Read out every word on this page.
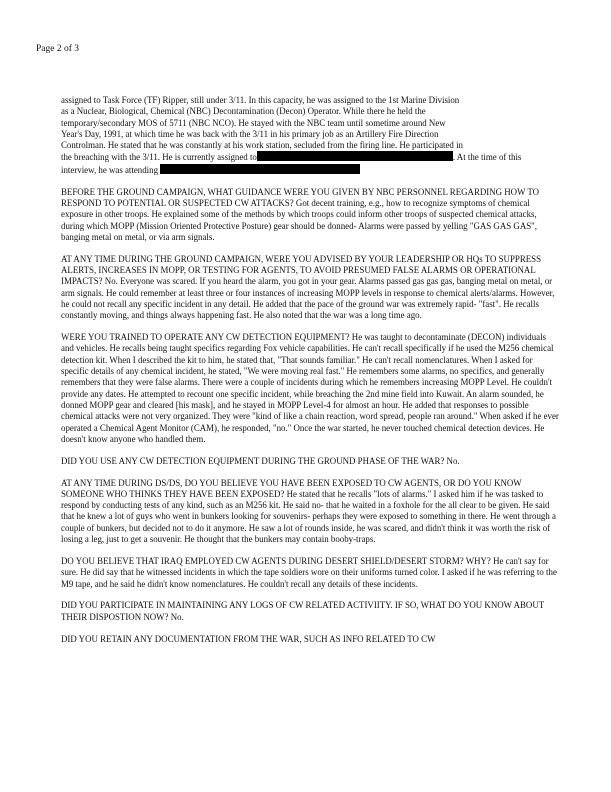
Page 2 of 3
assigned to Task Force (TF) Ripper, still under 3/11. In this capacity, he was assigned to the 1st Marine Division
as a Nuclear, Biological, Chemical (NBC) Decontamination (Decon) Operator. While there he held the
temporary/secondary MOS of 5711 (NBC NCO). He stayed with the NBC team until sometime around New
Year's Day, 1991, at which time he was back with the 3/11 in his primary job as an Artillery Fire Direction
Controlman. He stated that he was constantly at his work station, secluded from the firing line. He participated in
the breaching with the 3/11. He is currently assigned to	. At the time of this
interview, he was attending

BEFORE THE GROUND CAMPAIGN, WHAT GUIDANCE WERE YOU GIVEN BY NBC PERSONNEL REGARDING HOW TO RESPOND TO POTENTIAL OR SUSPECTED CW ATTACKS? Got decent training, e.g., how to recognize symptoms of chemical exposure in other troops. He explained some of the methods by which troops could inform other troops of suspected chemical attacks, during which MOPP (Mission Oriented Protective Posture) gear should be donned- Alarms were passed by yelling "GAS GAS GAS", banging metal on metal, or via arm signals.

AT ANY TIME DURING THE GROUND CAMPAIGN, WERE YOU ADVISED BY YOUR LEADERSHIP OR HQs TO SUPPRESS ALERTS, INCREASES IN MOPP, OR TESTING FOR AGENTS, TO AVOID PRESUMED FALSE ALARMS OR OPERATIONAL IMPACTS? No. Everyone was scared. If you heard the alarm, you got in your gear. Alarms passed gas gas gas, banging metal on metal, or arm signals. He could remember at least three or four instances of increasing MOPP levels in response to chemical alerts/alarms. However, he could not recall any specific incident in any detail. He added that the pace of the ground war was extremely rapid- "fast". He recalls constantly moving, and things always happening fast. He also noted that the war was a long time ago.

WERE YOU TRAINED TO OPERATE ANY CW DETECTION EQUIPMENT? He was taught to decontaminate (DECON) individuals and vehicles. He recalls being taught specifics regarding Fox vehicle capabilities. He can't recall specifically if he used the M256 chemical detection kit. When I described the kit to him, he stated that, "That sounds familiar." He can't recall nomenclatures. When I asked for specific details of any chemical incident, he stated, "We were moving real fast." He remembers some alarms, no specifics, and generally remembers that they were false alarms. There were a couple of incidents during which he remembers increasing MOPP Level. He couldn't provide any dates. He attempted to recount one specific incident, while breaching the 2nd mine field into Kuwait. An alarm sounded, he donned MOPP gear and cleared [his mask], and he stayed in MOPP Level-4 for almost an hour. He added that responses to possible chemical attacks were not very organized. They were "kind of like a chain reaction, word spread, people ran around." When asked if he ever operated a Chemical Agent Monitor (CAM), he responded, "no." Once the war started, he never touched chemical detection devices. He doesn't know anyone who handled them.

DID YOU USE ANY CW DETECTION EQUIPMENT DURING THE GROUND PHASE OF THE WAR? No.

AT ANY TIME DURING DS/DS, DO YOU BELIEVE YOU HAVE BEEN EXPOSED TO CW AGENTS, OR DO YOU KNOW SOMEONE WHO THINKS THEY HAVE BEEN EXPOSED? He stated that he recalls "lots of alarms." I asked him if he was tasked to respond by conducting tests of any kind, such as an M256 kit. He said no- that he waited in a foxhole for the all clear to be given. He said that he knew a lot of guys who went in bunkers looking for souvenirs- perhaps they were exposed to something in there. He went through a couple of bunkers, but decided not to do it anymore. He saw a lot of rounds inside, he was scared, and didn't think it was worth the risk of losing a leg, just to get a souvenir. He thought that the bunkers may contain booby-traps.

DO YOU BELIEVE THAT IRAQ EMPLOYED CW AGENTS DURING DESERT SHIELD/DESERT STORM? WHY? He can't say for sure. He did say that he witnessed incidents in which the tape soldiers wore on their uniforms turned color. I asked if he was referring to the M9 tape, and he said he didn't know nomenclatures. He couldn't recall any details of these incidents.

DID YOU PARTICIPATE IN MAINTAINING ANY LOGS OF CW RELATED ACTIVIITY. IF SO, WHAT DO YOU KNOW ABOUT THEIR DISPOSTION NOW? No.

DID YOU RETAIN ANY DOCUMENTATION FROM THE WAR, SUCH AS INFO RELATED TO CW
